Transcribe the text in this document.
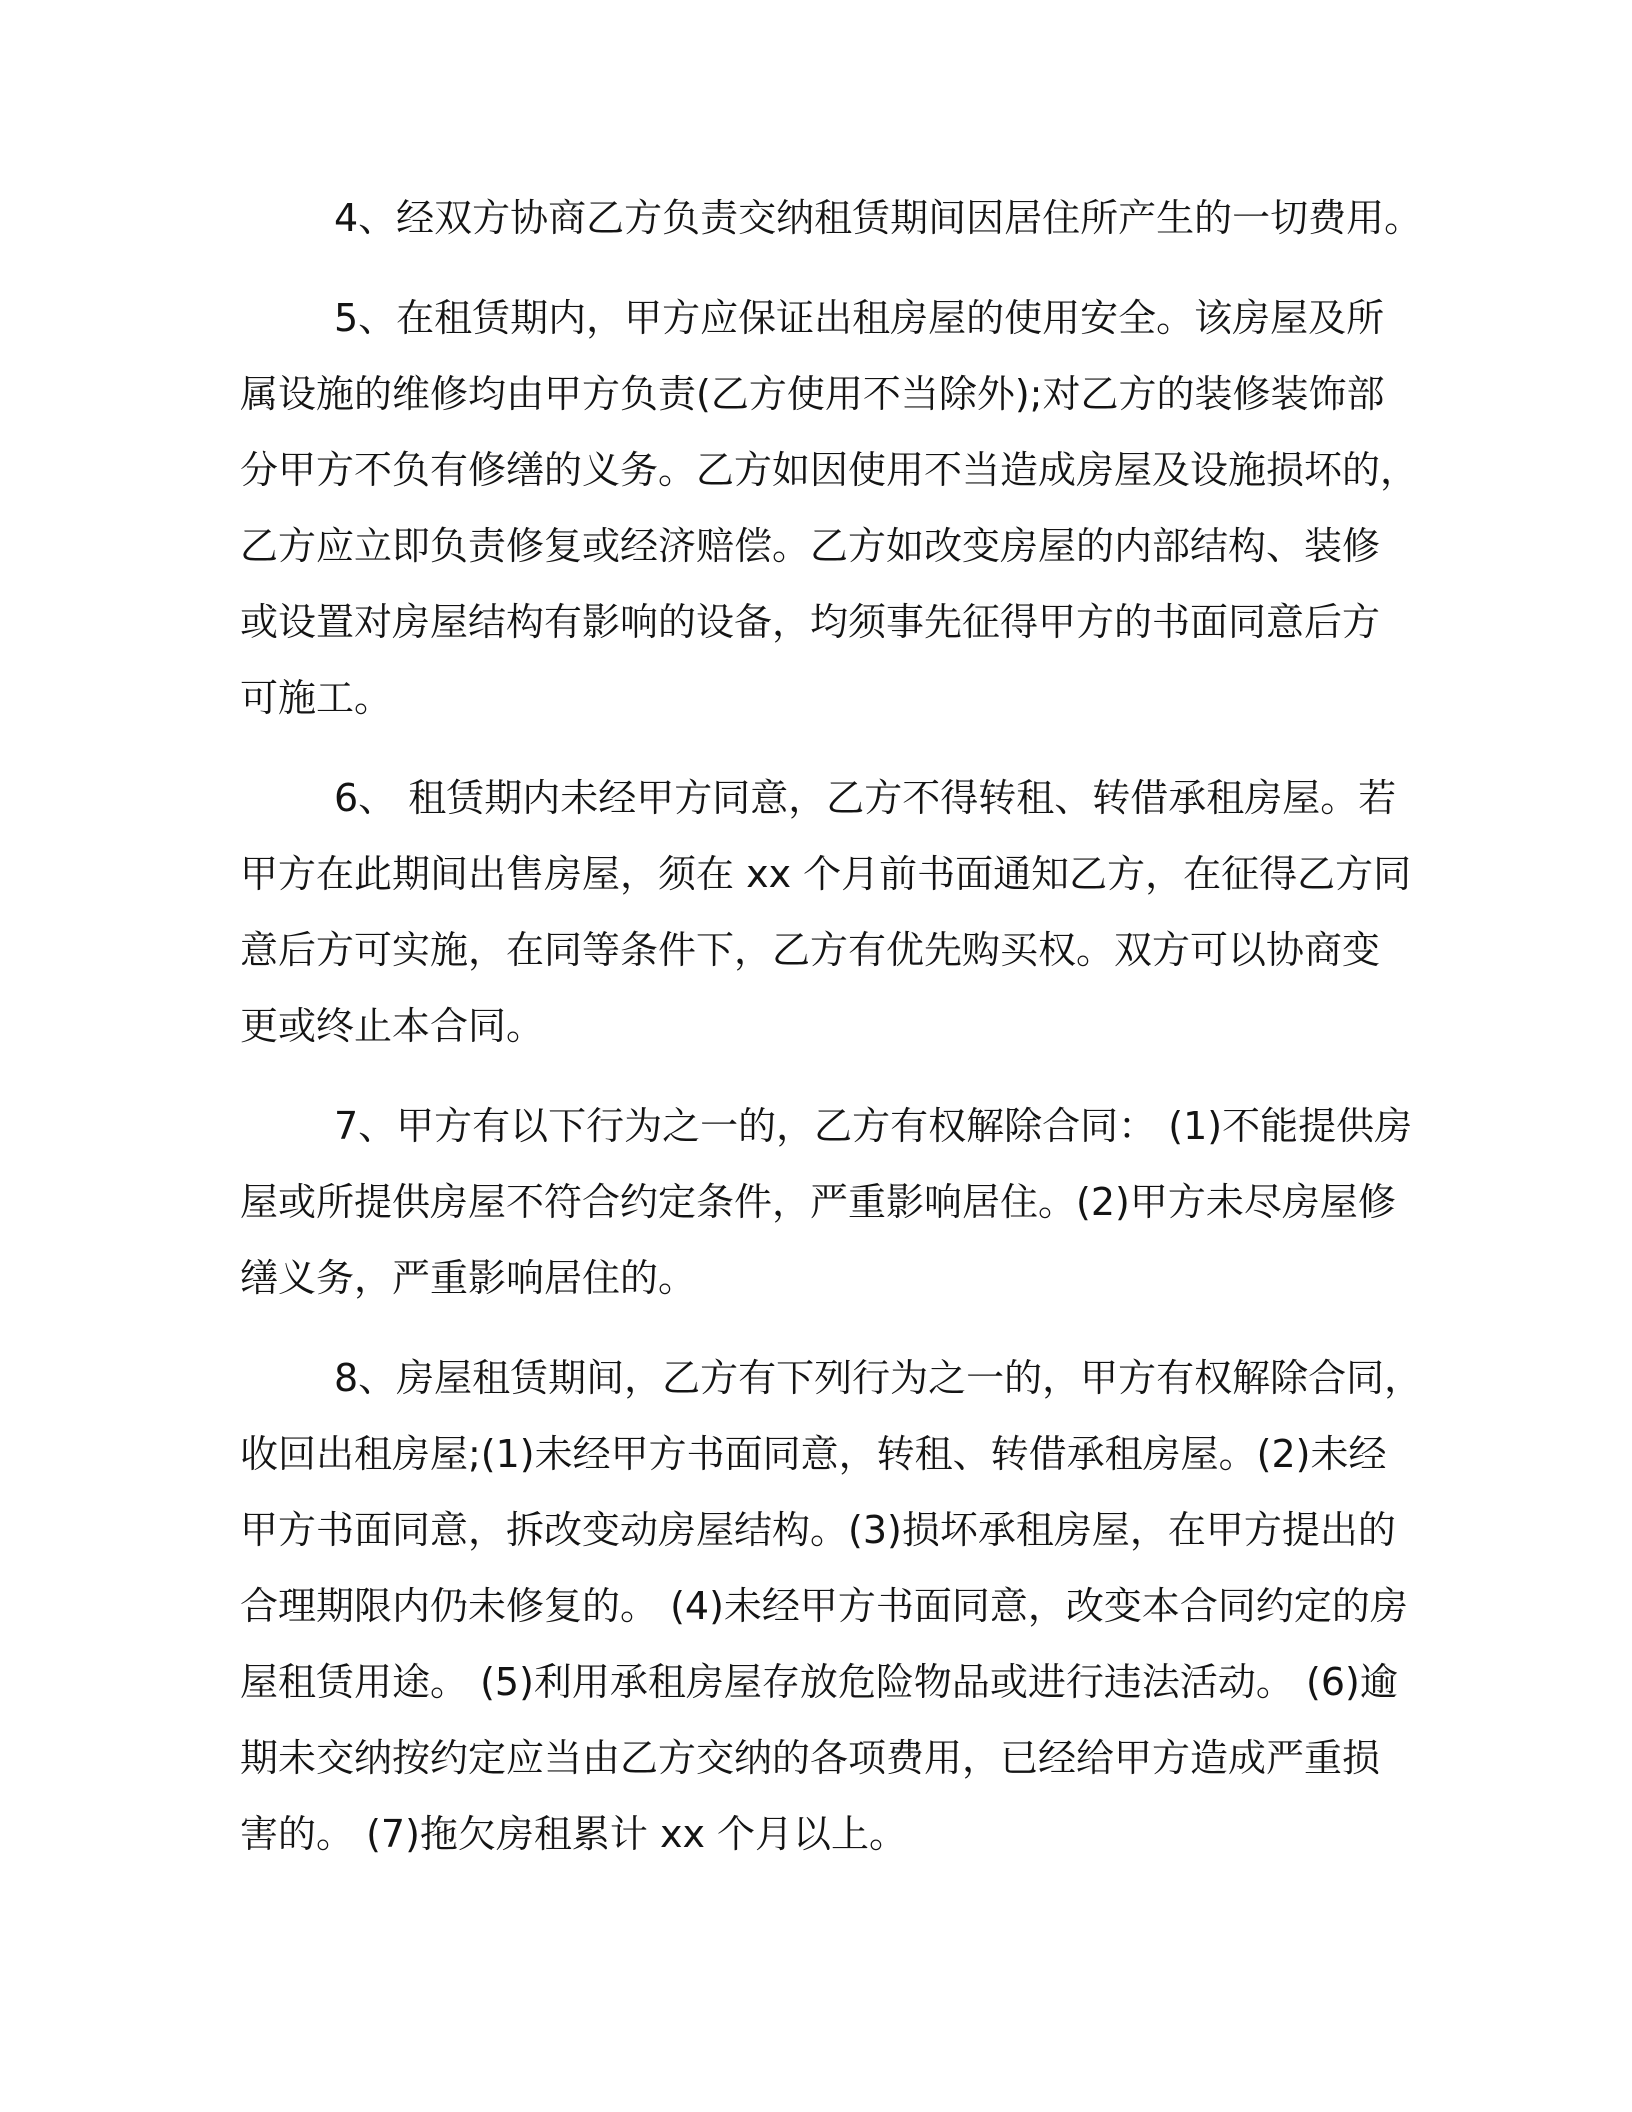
4、经双方协商乙方负责交纳租赁期间因居住所产生的一切费用。
5、在租赁期内，甲方应保证出租房屋的使用安全。该房屋及所
属设施的维修均由甲方负责(乙方使用不当除外);对乙方的装修装饰部
分甲方不负有修缮的义务。乙方如因使用不当造成房屋及设施损坏的，
乙方应立即负责修复或经济赔偿。乙方如改变房屋的内部结构、装修
或设置对房屋结构有影响的设备，均须事先征得甲方的书面同意后方
可施工。
6、 租赁期内未经甲方同意，乙方不得转租、转借承租房屋。若
甲方在此期间出售房屋，须在 xx 个月前书面通知乙方，在征得乙方同
意后方可实施，在同等条件下，乙方有优先购买权。双方可以协商变
更或终止本合同。
7、甲方有以下行为之一的，乙方有权解除合同： (1)不能提供房
屋或所提供房屋不符合约定条件，严重影响居住。(2)甲方未尽房屋修
缮义务，严重影响居住的。
8、房屋租赁期间，乙方有下列行为之一的，甲方有权解除合同，
收回出租房屋;(1)未经甲方书面同意，转租、转借承租房屋。(2)未经
甲方书面同意，拆改变动房屋结构。(3)损坏承租房屋，在甲方提出的
合理期限内仍未修复的。 (4)未经甲方书面同意，改变本合同约定的房
屋租赁用途。 (5)利用承租房屋存放危险物品或进行违法活动。 (6)逾
期未交纳按约定应当由乙方交纳的各项费用，已经给甲方造成严重损
害的。 (7)拖欠房租累计 xx 个月以上。
